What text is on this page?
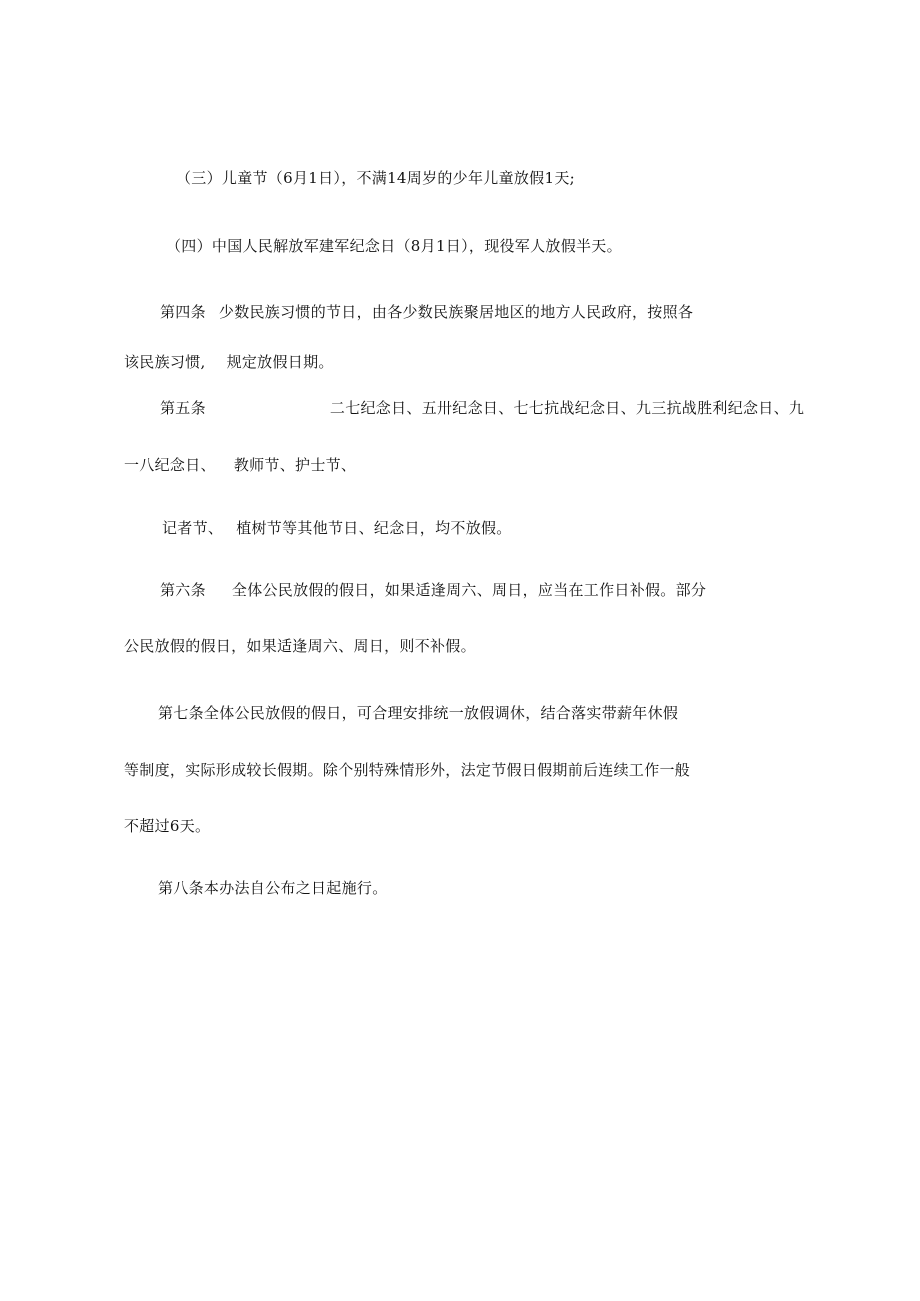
（三）儿童节（6月1日），不满14周岁的少年儿童放假1天;
（四）中国人民解放军建军纪念日（8月1日），现役军人放假半天。
第四条 少数民族习惯的节日，由各少数民族聚居地区的地方人民政府，按照各
该民族习惯, 规定放假日期。
第五条	二七纪念日、五卅纪念日、七七抗战纪念日、九三抗战胜利纪念日、九
一八纪念日、 教师节、护士节、
记者节、 植树节等其他节日、纪念日，均不放假。
第六条 全体公民放假的假日，如果适逢周六、周日，应当在工作日补假。部分
公民放假的假日，如果适逢周六、周日，则不补假。
第七条全体公民放假的假日，可合理安排统一放假调休，结合落实带薪年休假
等制度，实际形成较长假期。除个别特殊情形外，法定节假日假期前后连续工作一般
不超过6天。
第八条本办法自公布之日起施行。
